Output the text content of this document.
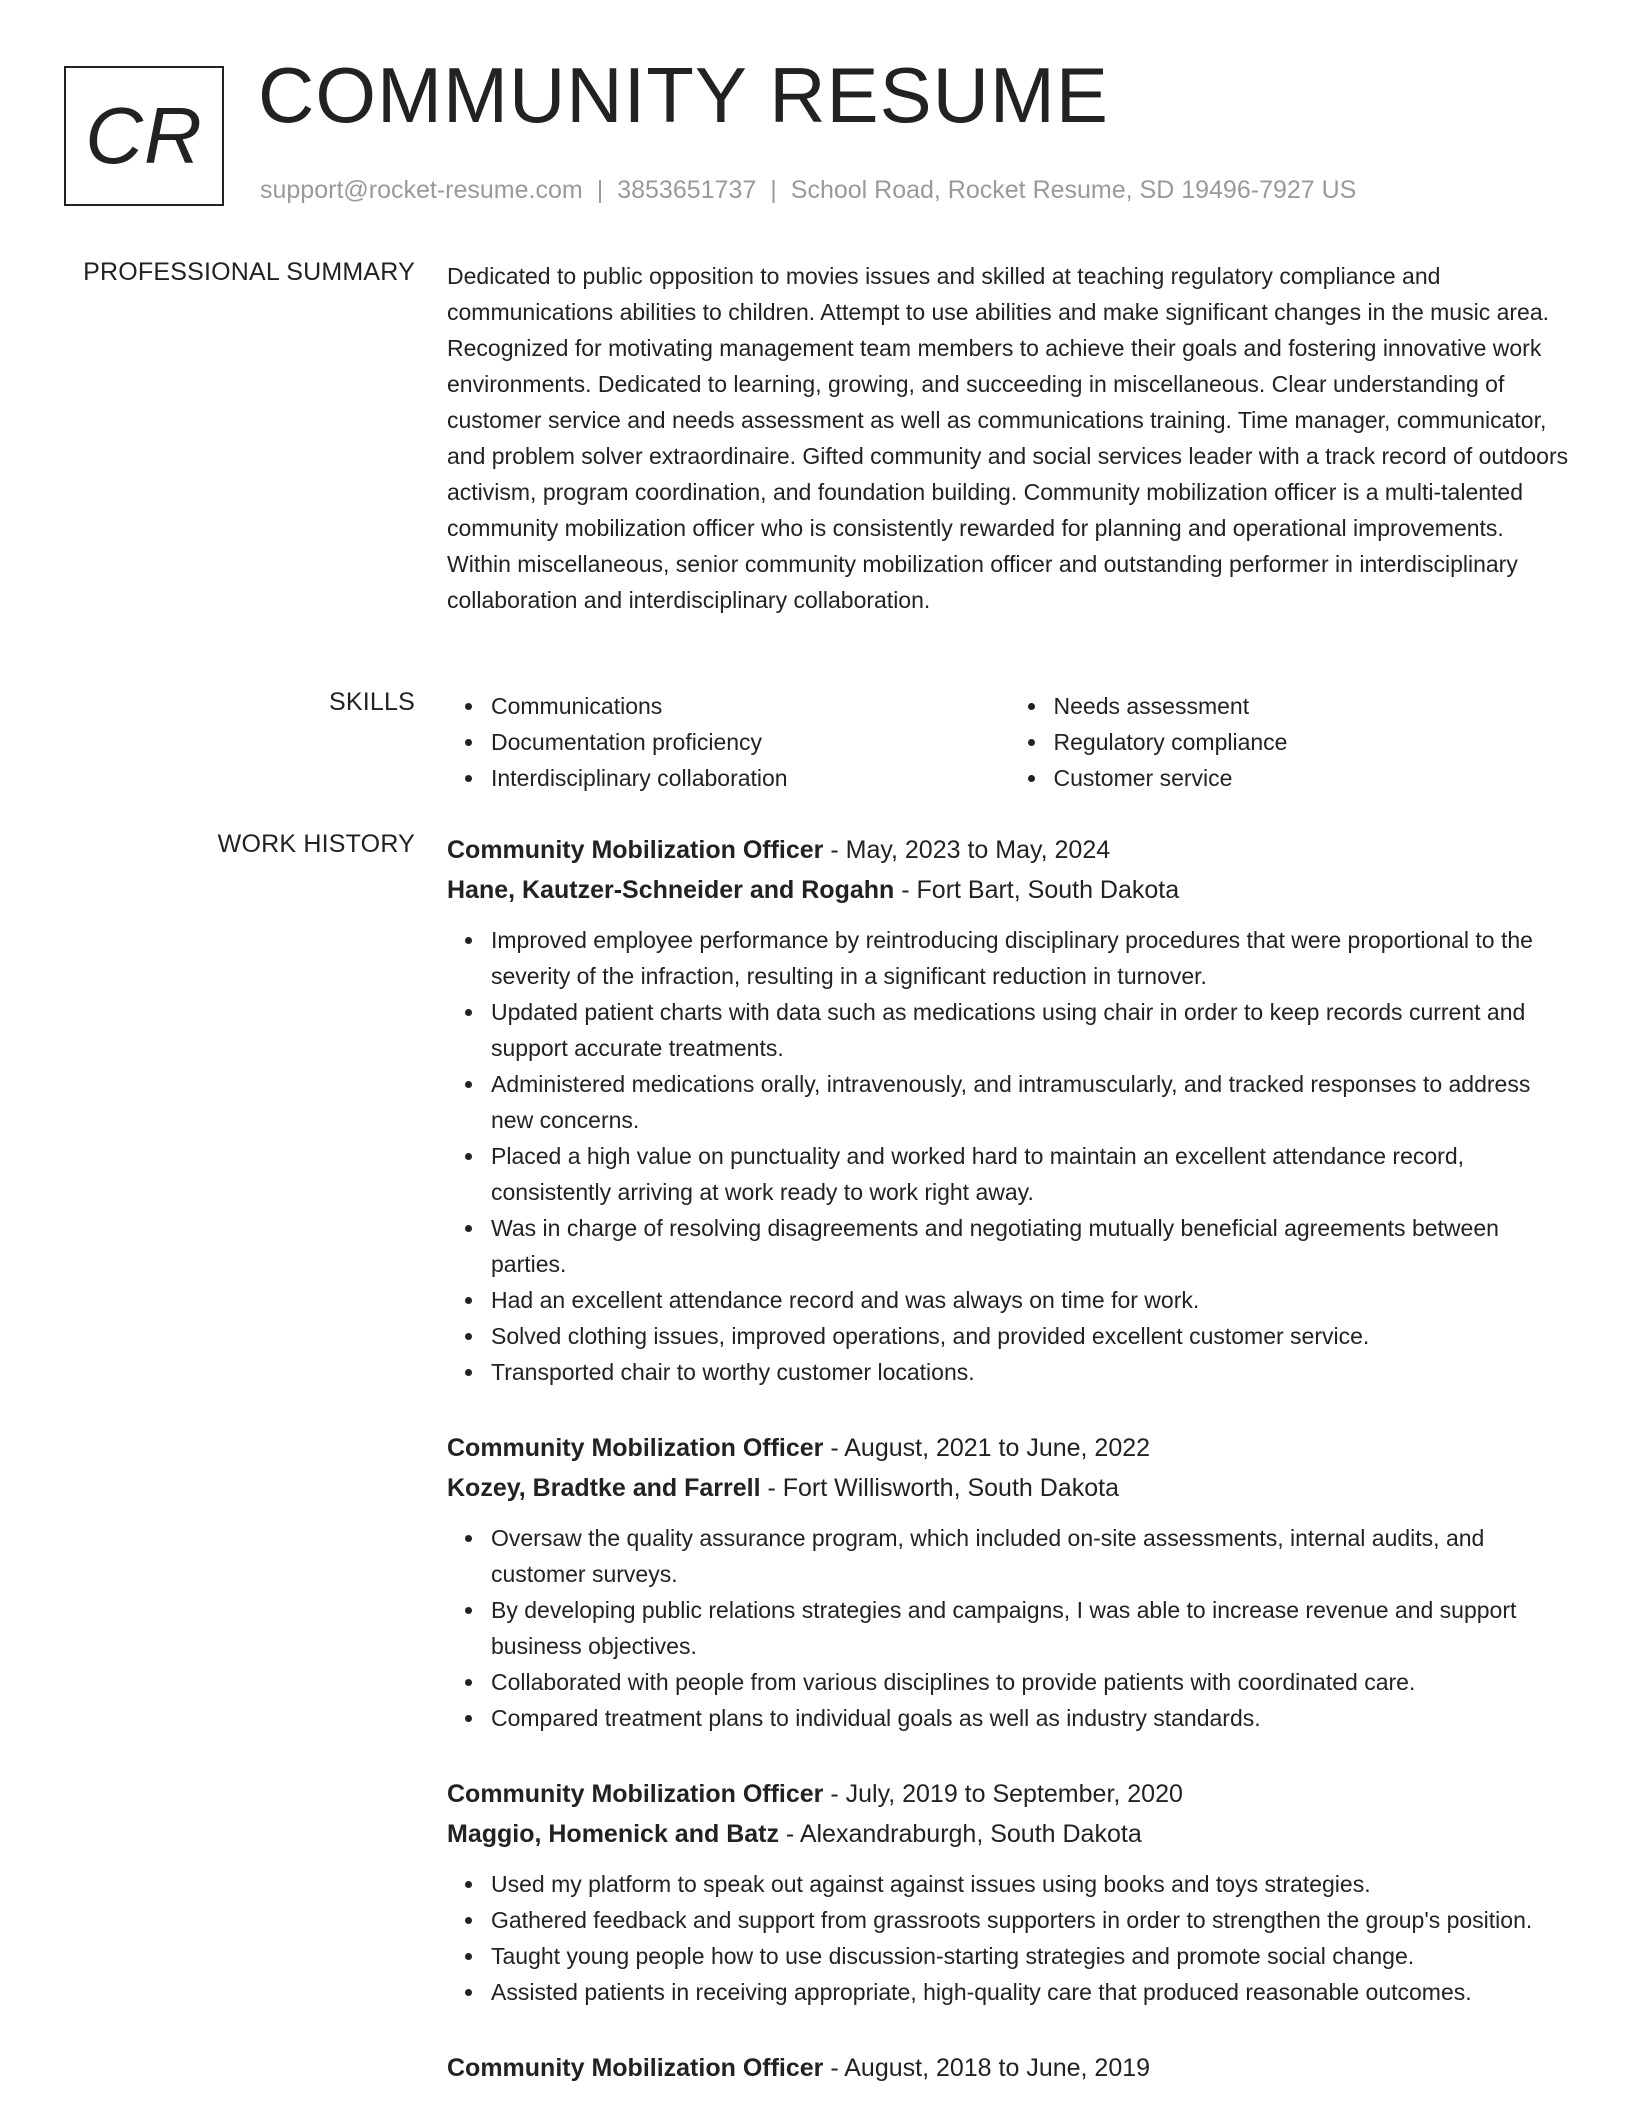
CR COMMUNITY RESUME
support@rocket-resume.com | 3853651737 | School Road, Rocket Resume, SD 19496-7927 US
PROFESSIONAL SUMMARY Dedicated to public opposition to movies issues and skilled at teaching regulatory compliance and communications abilities to children. Attempt to use abilities and make significant changes in the music area. Recognized for motivating management team members to achieve their goals and fostering innovative work environments. Dedicated to learning, growing, and succeeding in miscellaneous. Clear understanding of customer service and needs assessment as well as communications training. Time manager, communicator, and problem solver extraordinaire. Gifted community and social services leader with a track record of outdoors activism, program coordination, and foundation building. Community mobilization officer is a multi-talented community mobilization officer who is consistently rewarded for planning and operational improvements. Within miscellaneous, senior community mobilization officer and outstanding performer in interdisciplinary collaboration and interdisciplinary collaboration.

SKILLS	Communications
Documentation proficiency
Interdisciplinary collaboration
Needs assessment
Regulatory compliance
Customer service
WORK HISTORY Community Mobilization Officer - May, 2023 to May, 2024
Hane, Kautzer-Schneider and Rogahn - Fort Bart, South Dakota
Improved employee performance by reintroducing disciplinary procedures that were proportional to the severity of the infraction, resulting in a significant reduction in turnover.
Updated patient charts with data such as medications using chair in order to keep records current and support accurate treatments.
Administered medications orally, intravenously, and intramuscularly, and tracked responses to address new concerns.
Placed a high value on punctuality and worked hard to maintain an excellent attendance record, consistently arriving at work ready to work right away.
Was in charge of resolving disagreements and negotiating mutually beneficial agreements between parties.
Had an excellent attendance record and was always on time for work.
Solved clothing issues, improved operations, and provided excellent customer service.
Transported chair to worthy customer locations.
Community Mobilization Officer - August, 2021 to June, 2022
Kozey, Bradtke and Farrell - Fort Willisworth, South Dakota
Oversaw the quality assurance program, which included on-site assessments, internal audits, and customer surveys.
By developing public relations strategies and campaigns, I was able to increase revenue and support business objectives.
Collaborated with people from various disciplines to provide patients with coordinated care.
Compared treatment plans to individual goals as well as industry standards.
Community Mobilization Officer - July, 2019 to September, 2020
Maggio, Homenick and Batz - Alexandraburgh, South Dakota
Used my platform to speak out against against issues using books and toys strategies.
Gathered feedback and support from grassroots supporters in order to strengthen the group's position.
Taught young people how to use discussion-starting strategies and promote social change.
Assisted patients in receiving appropriate, high-quality care that produced reasonable outcomes.
Community Mobilization Officer - August, 2018 to June, 2019
